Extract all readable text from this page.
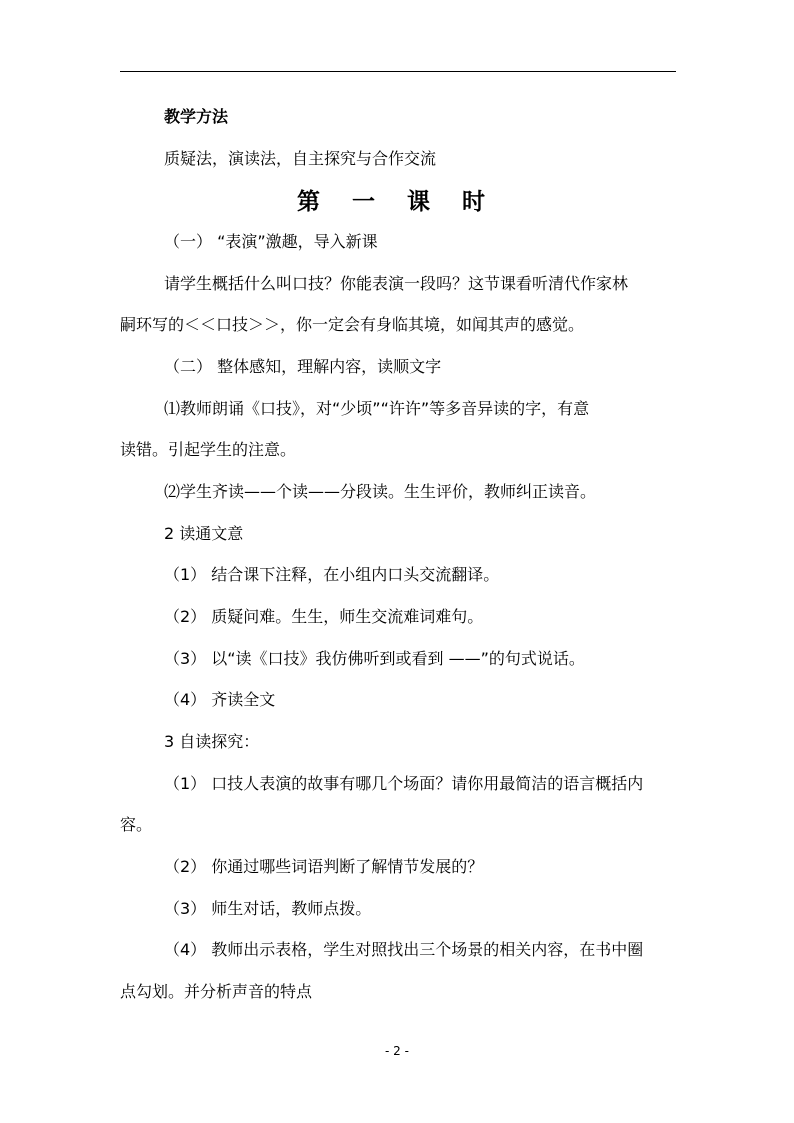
教学方法

质疑法，演读法，自主探究与合作交流

第 一 课 时

（一） “表演”激趣，导入新课

请学生概括什么叫口技？你能表演一段吗？这节课看听清代作家林

嗣环写的＜＜口技＞＞，你一定会有身临其境，如闻其声的感觉。

（二） 整体感知，理解内容，读顺文字

⑴教师朗诵《口技》，对“少顷”“许许”等多音异读的字，有意

读错。引起学生的注意。

⑵学生齐读——个读——分段读。生生评价，教师纠正读音。

2 读通文意

（1） 结合课下注释，在小组内口头交流翻译。

（2） 质疑问难。生生，师生交流难词难句。

（3） 以“读《口技》我仿佛听到或看到 ——”的句式说话。

（4） 齐读全文

3 自读探究：

（1） 口技人表演的故事有哪几个场面？请你用最简洁的语言概括内

容。

（2） 你通过哪些词语判断了解情节发展的？

（3） 师生对话，教师点拨。

（4） 教师出示表格，学生对照找出三个场景的相关内容，在书中圈

点勾划。并分析声音的特点

- 2 -
